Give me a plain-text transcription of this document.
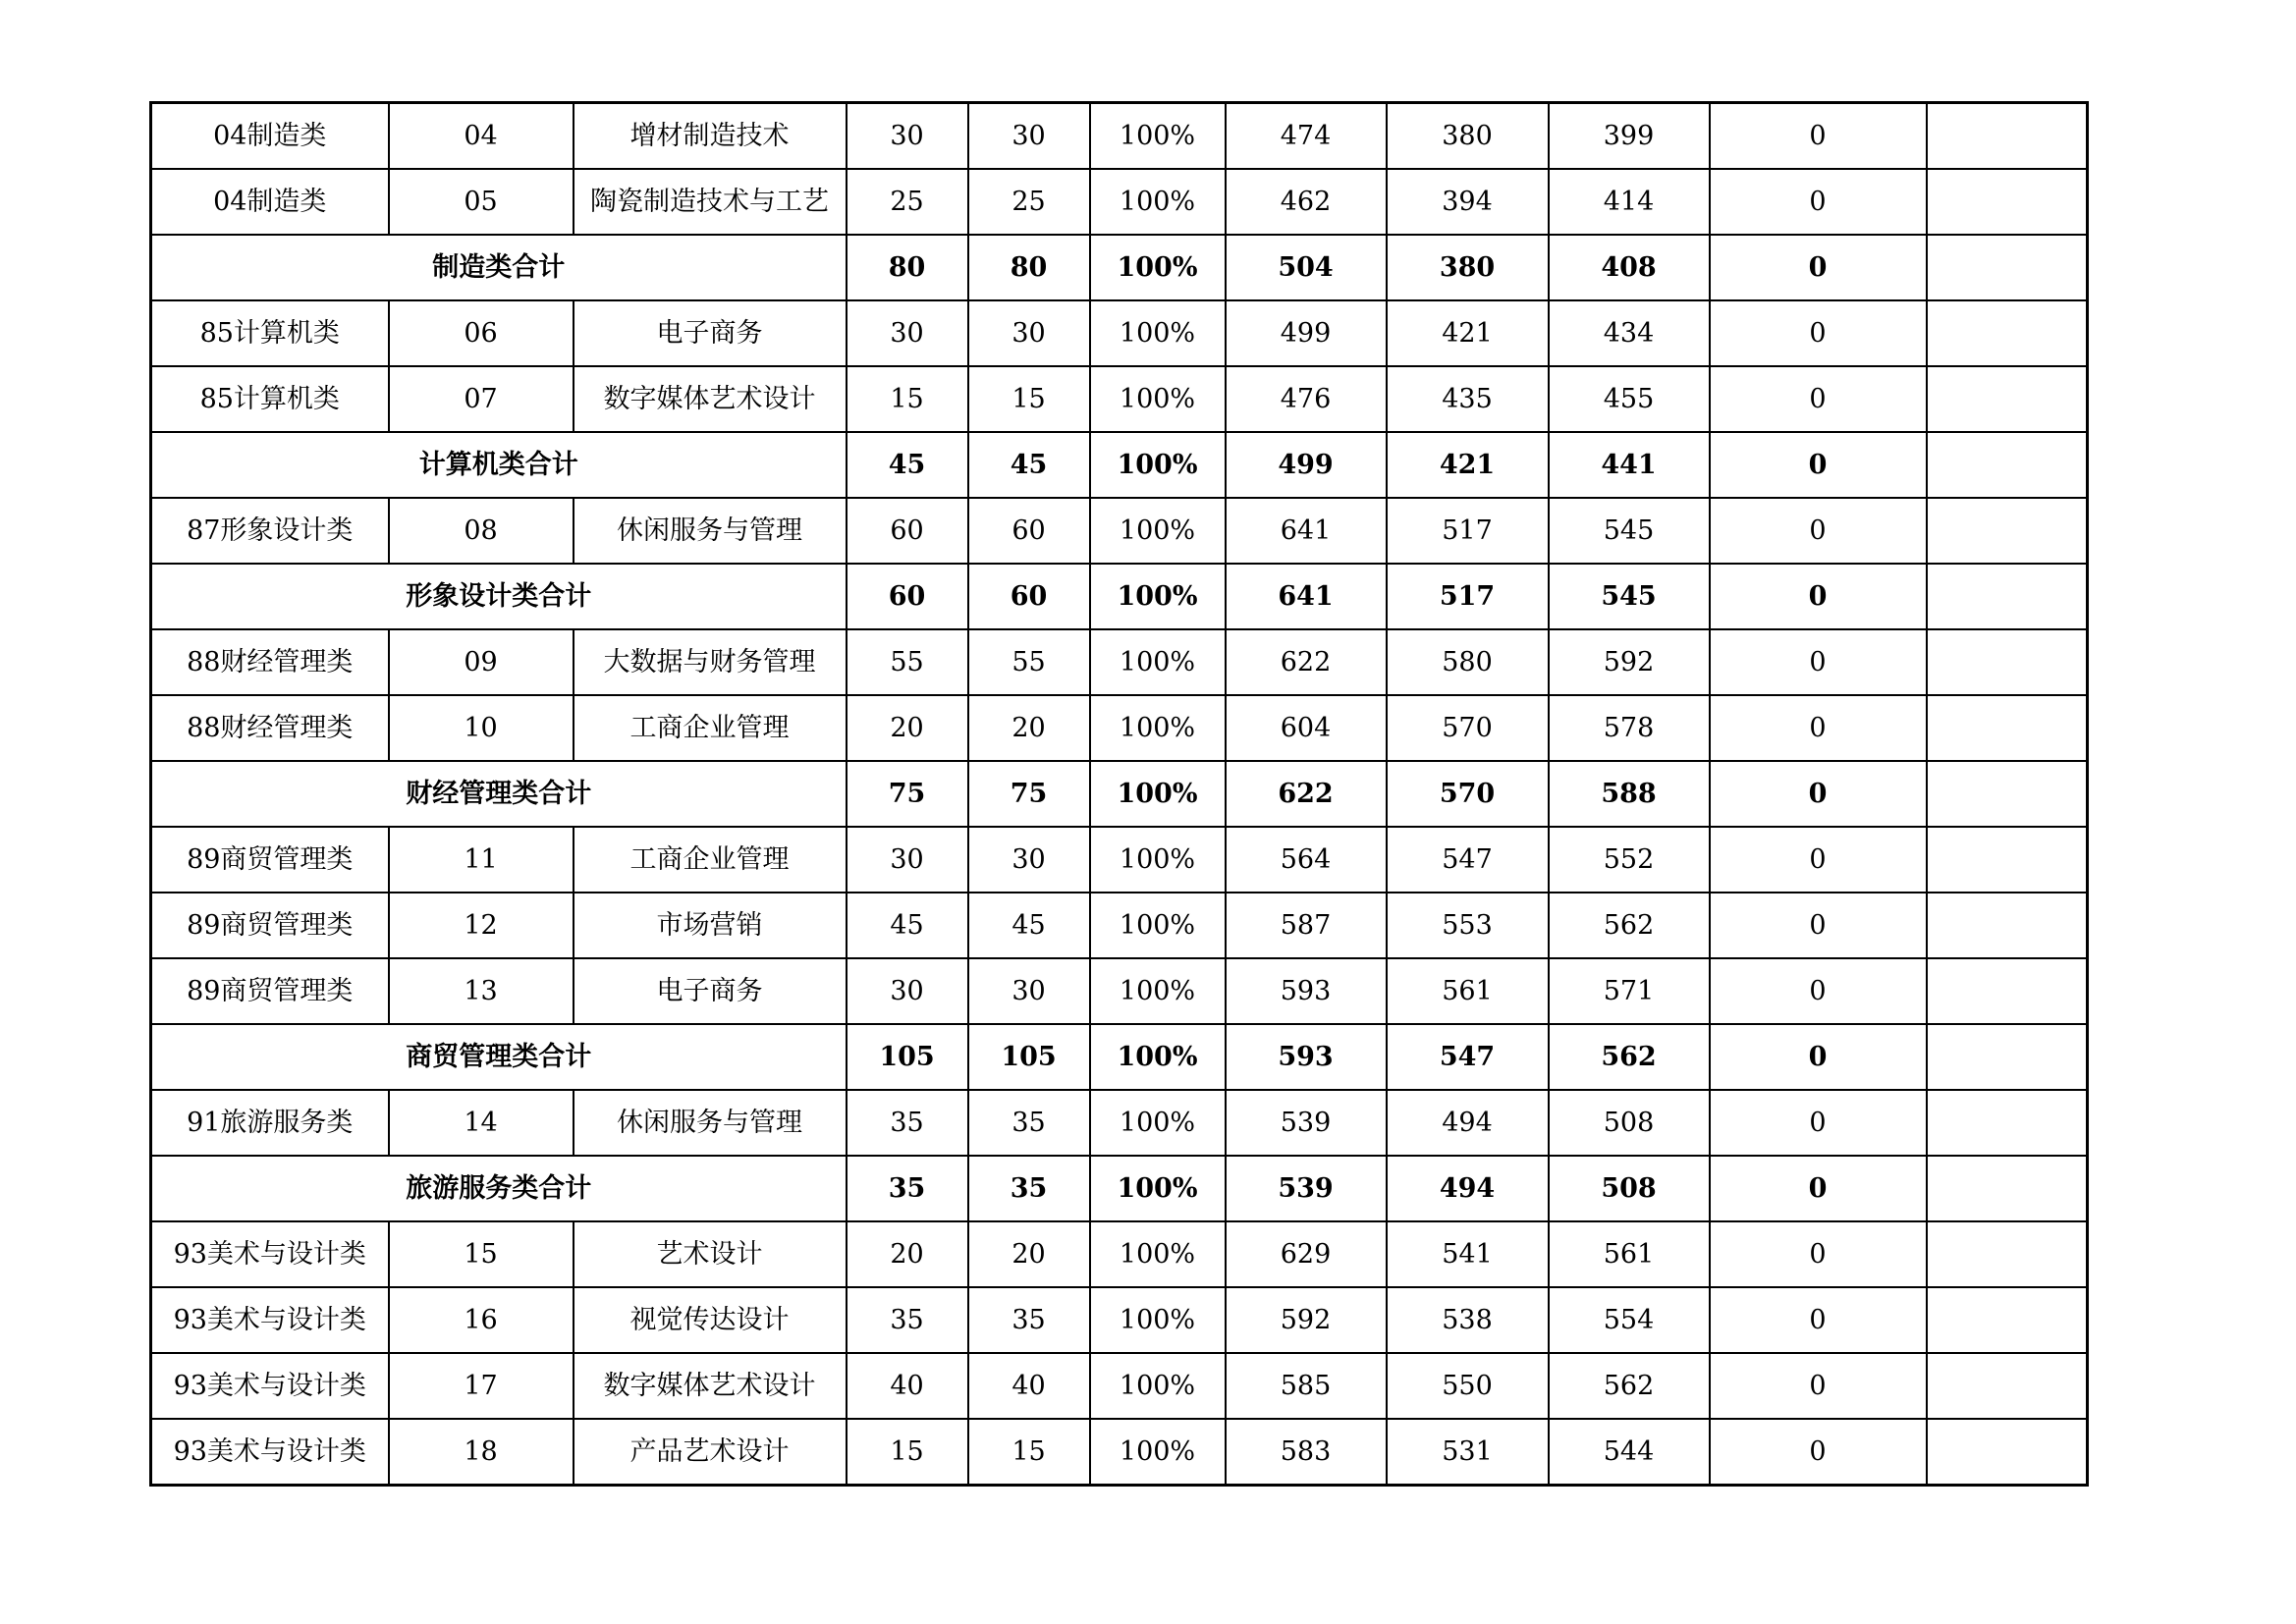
04制造类	04	增材制造技术	30	30	100%	474	380	399	0	
04制造类	05	陶瓷制造技术与工艺	25	25	100%	462	394	414	0	
制造类合计			80	80	100%	504	380	408	0	
85计算机类	06	电子商务	30	30	100%	499	421	434	0	
85计算机类	07	数字媒体艺术设计	15	15	100%	476	435	455	0	
计算机类合计			45	45	100%	499	421	441	0	
87形象设计类	08	休闲服务与管理	60	60	100%	641	517	545	0	
形象设计类合计			60	60	100%	641	517	545	0	
88财经管理类	09	大数据与财务管理	55	55	100%	622	580	592	0	
88财经管理类	10	工商企业管理	20	20	100%	604	570	578	0	
财经管理类合计			75	75	100%	622	570	588	0	
89商贸管理类	11	工商企业管理	30	30	100%	564	547	552	0	
89商贸管理类	12	市场营销	45	45	100%	587	553	562	0	
89商贸管理类	13	电子商务	30	30	100%	593	561	571	0	
商贸管理类合计			105	105	100%	593	547	562	0	
91旅游服务类	14	休闲服务与管理	35	35	100%	539	494	508	0	
旅游服务类合计			35	35	100%	539	494	508	0	
93美术与设计类	15	艺术设计	20	20	100%	629	541	561	0	
93美术与设计类	16	视觉传达设计	35	35	100%	592	538	554	0	
93美术与设计类	17	数字媒体艺术设计	40	40	100%	585	550	562	0	
93美术与设计类	18	产品艺术设计	15	15	100%	583	531	544	0	
